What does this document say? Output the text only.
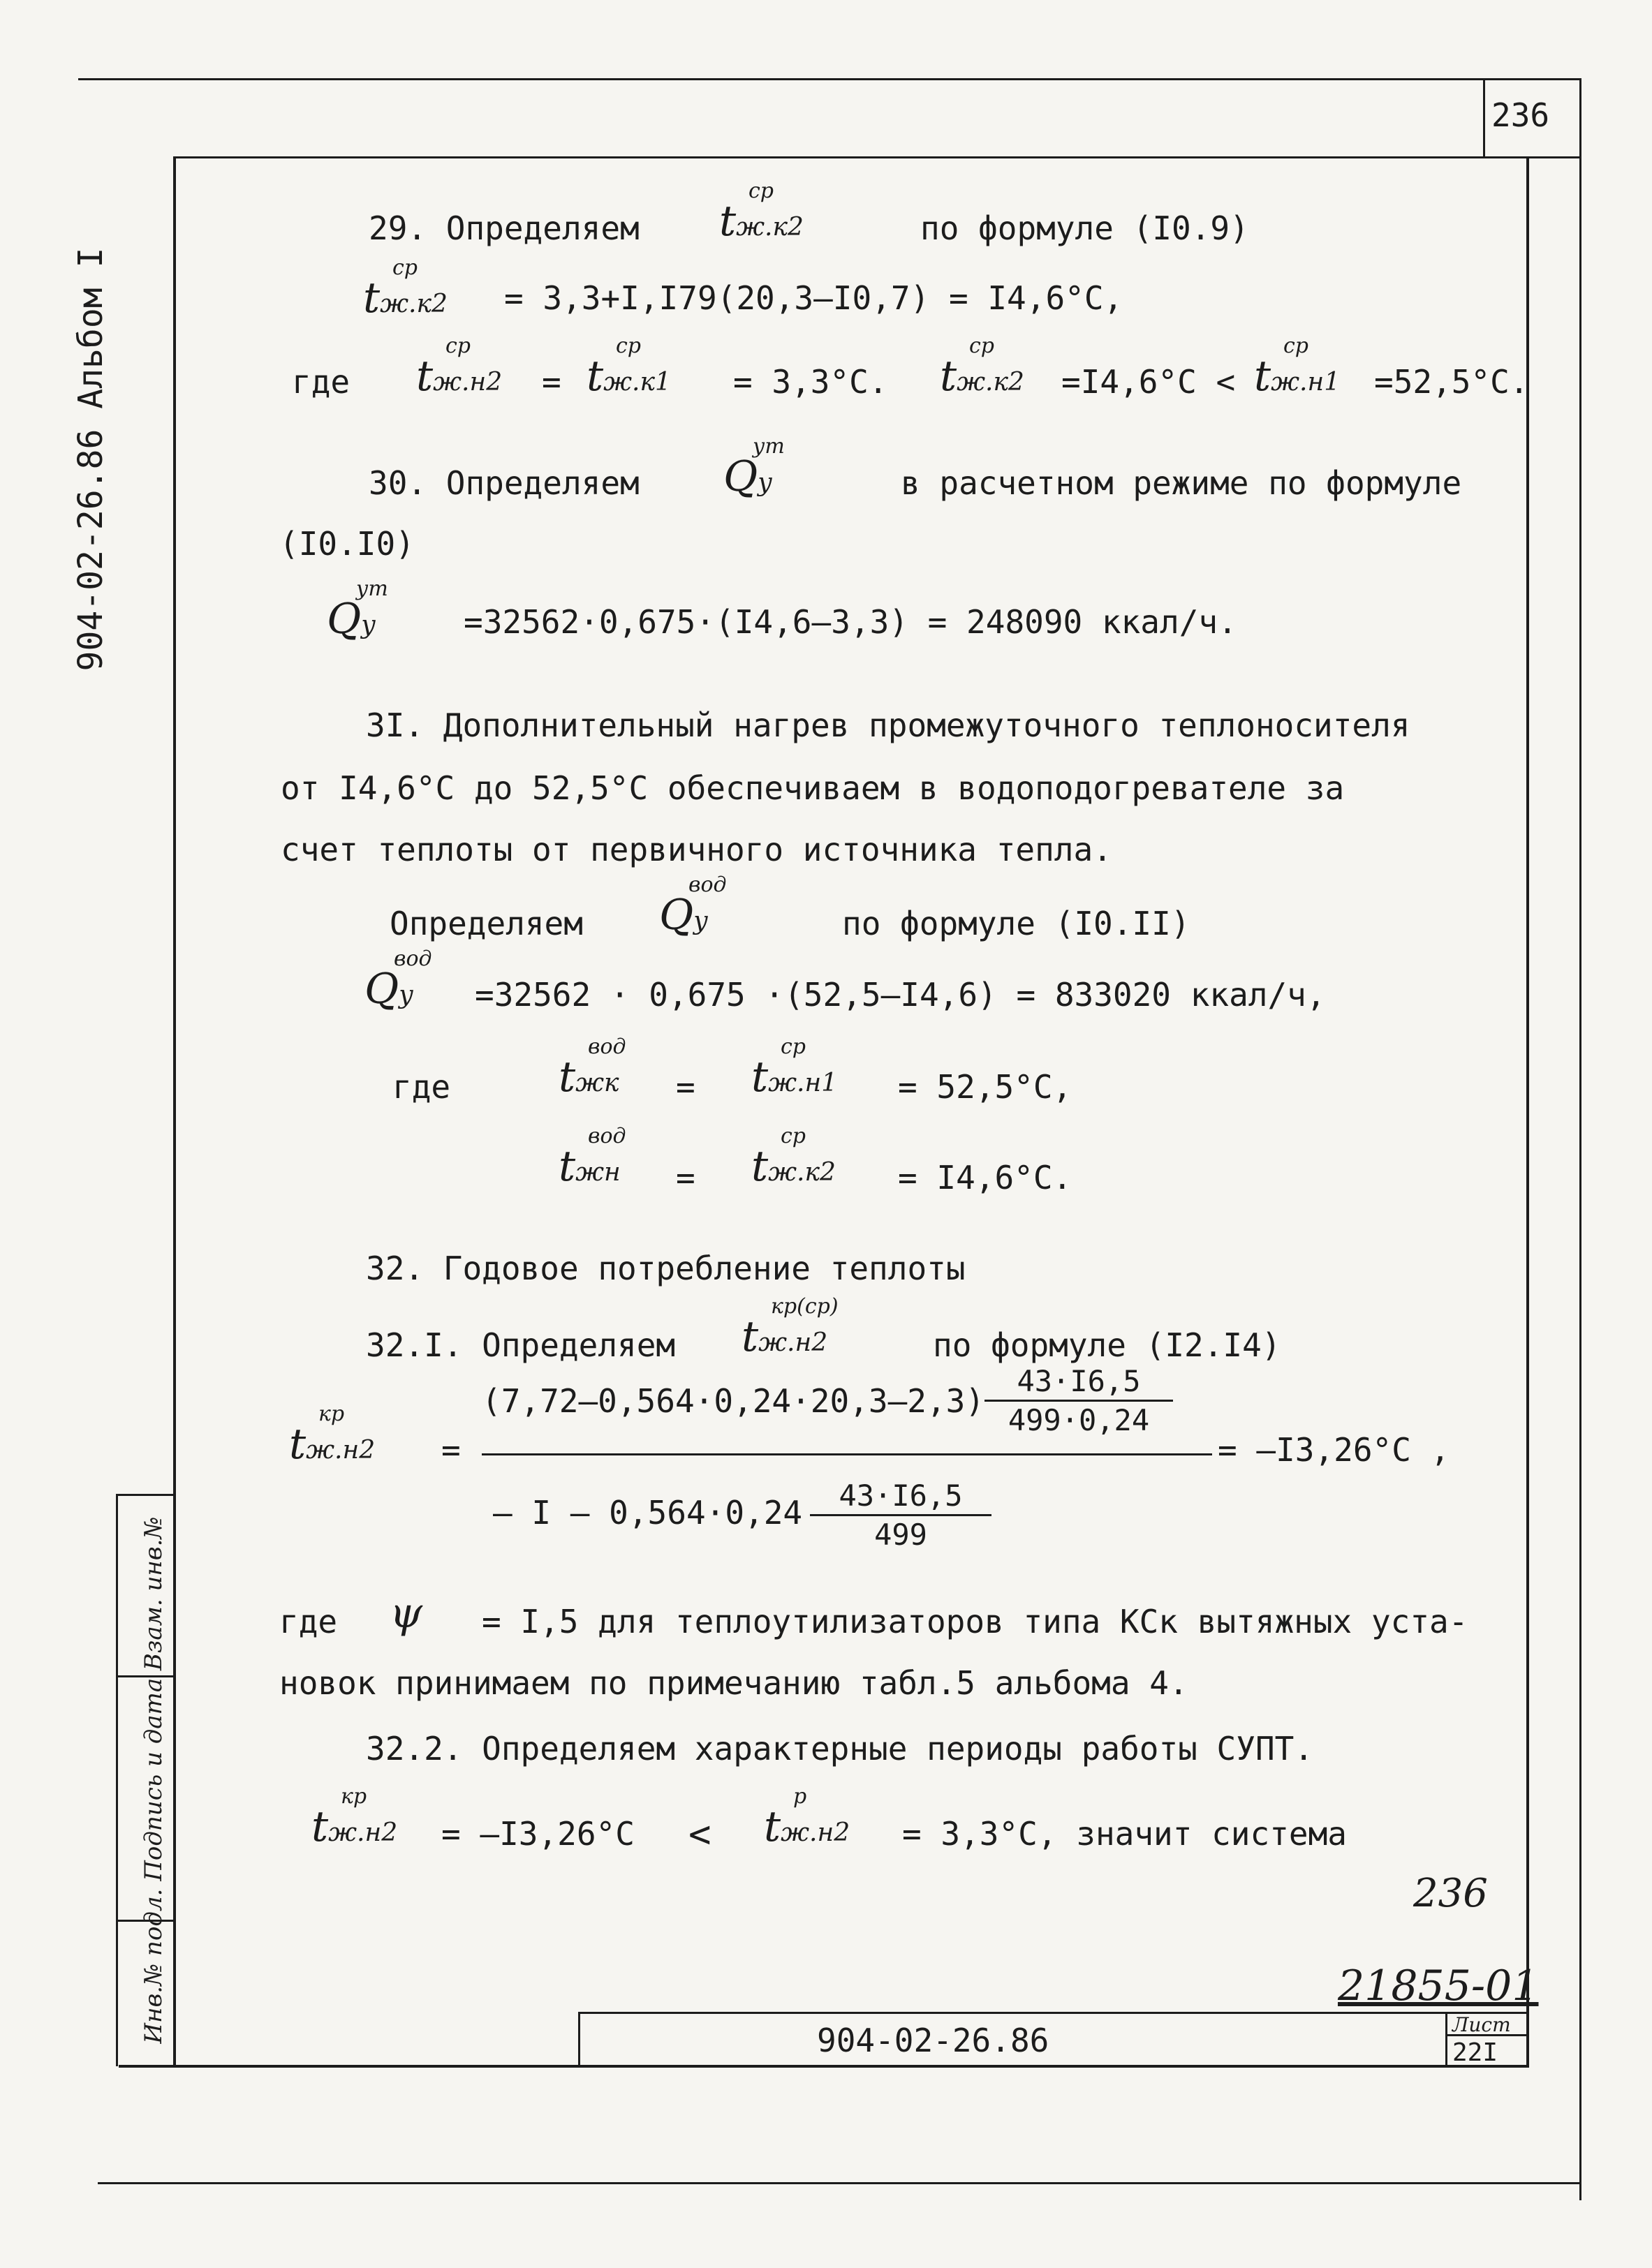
236
904-02-26.86 Альбом I
Инв.№ подл. Подпись и дата Взам. инв.№
29. Определяем tж.к2
ср
по формуле (I0.9)
tж.к2
ср
= 3,3+I,I79(20,3–I0,7) = I4,6°C,
где tж.н2
ср
= tж.к1
ср
= 3,3°C. tж.к2
ср
=I4,6°C < tж.н1
ср
=52,5°C.
30. Определяем Qу
ут
в расчетном режиме по формуле
(I0.I0)
Qу
ут
=32562·0,675·(I4,6–3,3) = 248090 ккал/ч.
3I. Дополнительный нагрев промежуточного теплоносителя
от I4,6°C до 52,5°C обеспечиваем в водоподогревателе за
счет теплоты от первичного источника тепла.
Определяем Qу
вод
по формуле (I0.II)
Qу
вод
=32562 · 0,675 ·(52,5–I4,6) = 833020 ккал/ч,
где	tжк
вод
= tж.н1
ср
= 52,5°C,
tжн
вод
= tж.к2
ср
= I4,6°C.
32. Годовое потребление теплоты
32.I. Определяем tж.н2
кр(ср)
по формуле (I2.I4)
tж.н2
кр
=
(7,72–0,564·0,24·20,3–2,3)
43·I6,5
499·0,24
= –I3,26°C ,
– I – 0,564·0,24	43·I6,5
499
где ψ = I,5 для теплоутилизаторов типа КСк вытяжных уста-
новок принимаем по примечанию табл.5 альбома 4.
32.2. Определяем характерные периоды работы СУПТ.
tж.н2
кр
= –I3,26°C < tж.н2
р
= 3,3°C, значит система
236
21855-01
904-02-26.86	Лист
22I
